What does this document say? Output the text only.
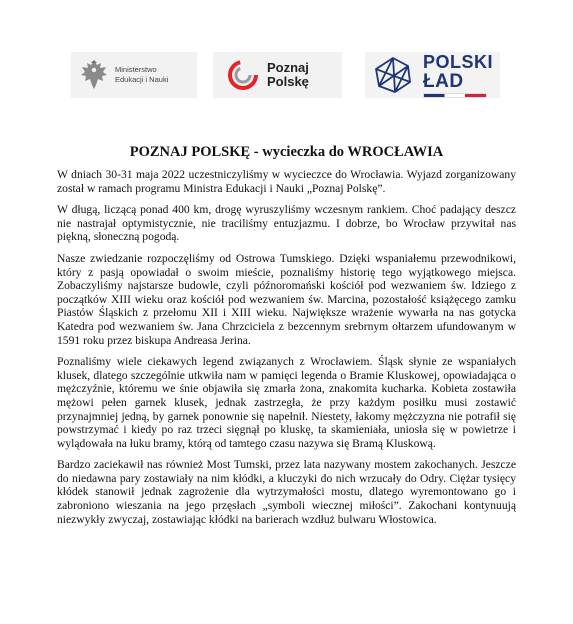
Ministerstwo
Edukacji i Nauki
Poznaj
Polskę
POLSKI
ŁAD
POZNAJ POLSKĘ - wycieczka do WROCŁAWIA

W dniach 30-31 maja 2022 uczestniczyliśmy w wycieczce do Wrocławia. Wyjazd zorganizowany został w ramach programu Ministra Edukacji i Nauki „Poznaj Polskę”.

W długą, liczącą ponad 400 km, drogę wyruszyliśmy wczesnym rankiem. Choć padający deszcz nie nastrajał optymistycznie, nie traciliśmy entuzjazmu. I dobrze, bo Wrocław przywitał nas piękną, słoneczną pogodą.

Nasze zwiedzanie rozpoczęliśmy od Ostrowa Tumskiego. Dzięki wspaniałemu przewodnikowi, który z pasją opowiadał o swoim mieście, poznaliśmy historię tego wyjątkowego miejsca. Zobaczyliśmy najstarsze budowle, czyli późnoromański kościół pod wezwaniem św. Idziego z początków XIII wieku oraz kościół pod wezwaniem św. Marcina, pozostałość książęcego zamku Piastów Śląskich z przełomu XII i XIII wieku. Największe wrażenie wywarła na nas gotycka Katedra pod wezwaniem św. Jana Chrzciciela z bezcennym srebrnym ołtarzem ufundowanym w 1591 roku przez biskupa Andreasa Jerina.

Poznaliśmy wiele ciekawych legend związanych z Wrocławiem. Śląsk słynie ze wspaniałych klusek, dlatego szczególnie utkwiła nam w pamięci legenda o Bramie Kluskowej, opowiadająca o mężczyźnie, któremu we śnie objawiła się zmarła żona, znakomita kucharka. Kobieta zostawiła mężowi pełen garnek klusek, jednak zastrzegła, że przy każdym posiłku musi zostawić przynajmniej jedną, by garnek ponownie się napełnił. Niestety, łakomy mężczyzna nie potrafił się powstrzymać i kiedy po raz trzeci sięgnął po kluskę, ta skamieniała, uniosła się w powietrze i wylądowała na łuku bramy, którą od tamtego czasu nazywa się Bramą Kluskową.

Bardzo zaciekawił nas również Most Tumski, przez lata nazywany mostem zakochanych. Jeszcze do niedawna pary zostawiały na nim kłódki, a kluczyki do nich wrzucały do Odry. Ciężar tysięcy kłódek stanowił jednak zagrożenie dla wytrzymałości mostu, dlatego wyremontowano go i zabroniono wieszania na jego przęsłach „symboli wiecznej miłości”. Zakochani kontynuują niezwykły zwyczaj, zostawiając kłódki na barierach wzdłuż bulwaru Włostowica.
